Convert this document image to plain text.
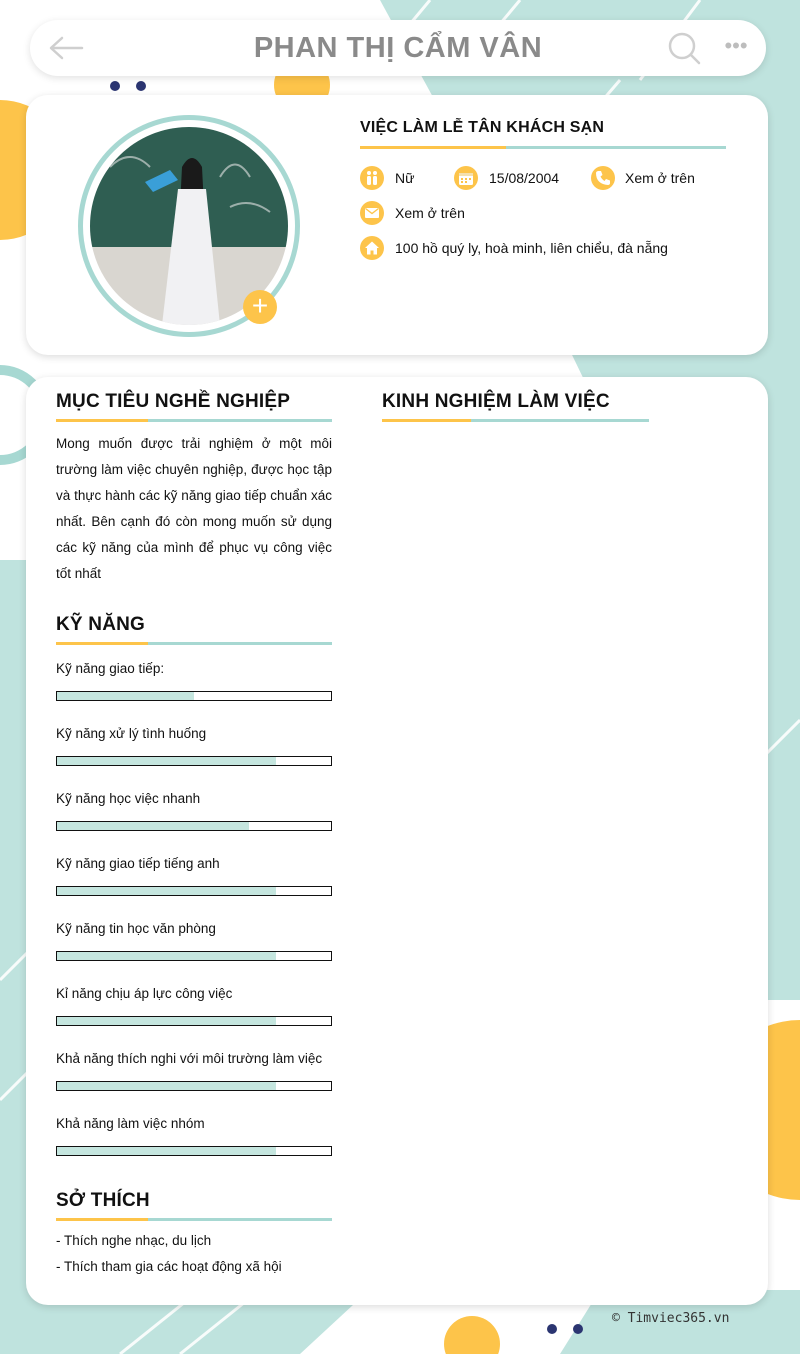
PHAN THỊ CẨM VÂN	•••
+
VIỆC LÀM LỄ TÂN KHÁCH SẠN
Nữ	15/08/2004	Xem ở trên
Xem ở trên
100 hồ quý ly, hoà minh, liên chiểu, đà nẵng
MỤC TIÊU NGHỀ NGHIỆP
Mong muốn được trải nghiệm ở một môi trường làm việc chuyên nghiệp, được học tập và thực hành các kỹ năng giao tiếp chuẩn xác nhất. Bên cạnh đó còn mong muốn sử dụng các kỹ năng của mình để phục vụ công việc tốt nhất
KINH NGHIỆM LÀM VIỆC
KỸ NĂNG
Kỹ năng giao tiếp:
Kỹ năng xử lý tình huống
Kỹ năng học việc nhanh
Kỹ năng giao tiếp tiếng anh
Kỹ năng tin học văn phòng
Kỉ năng chịu áp lực công việc
Khả năng thích nghi với môi trường làm việc
Khả năng làm việc nhóm
SỞ THÍCH
- Thích nghe nhạc, du lịch
- Thích tham gia các hoạt động xã hội
© Timviec365.vn
